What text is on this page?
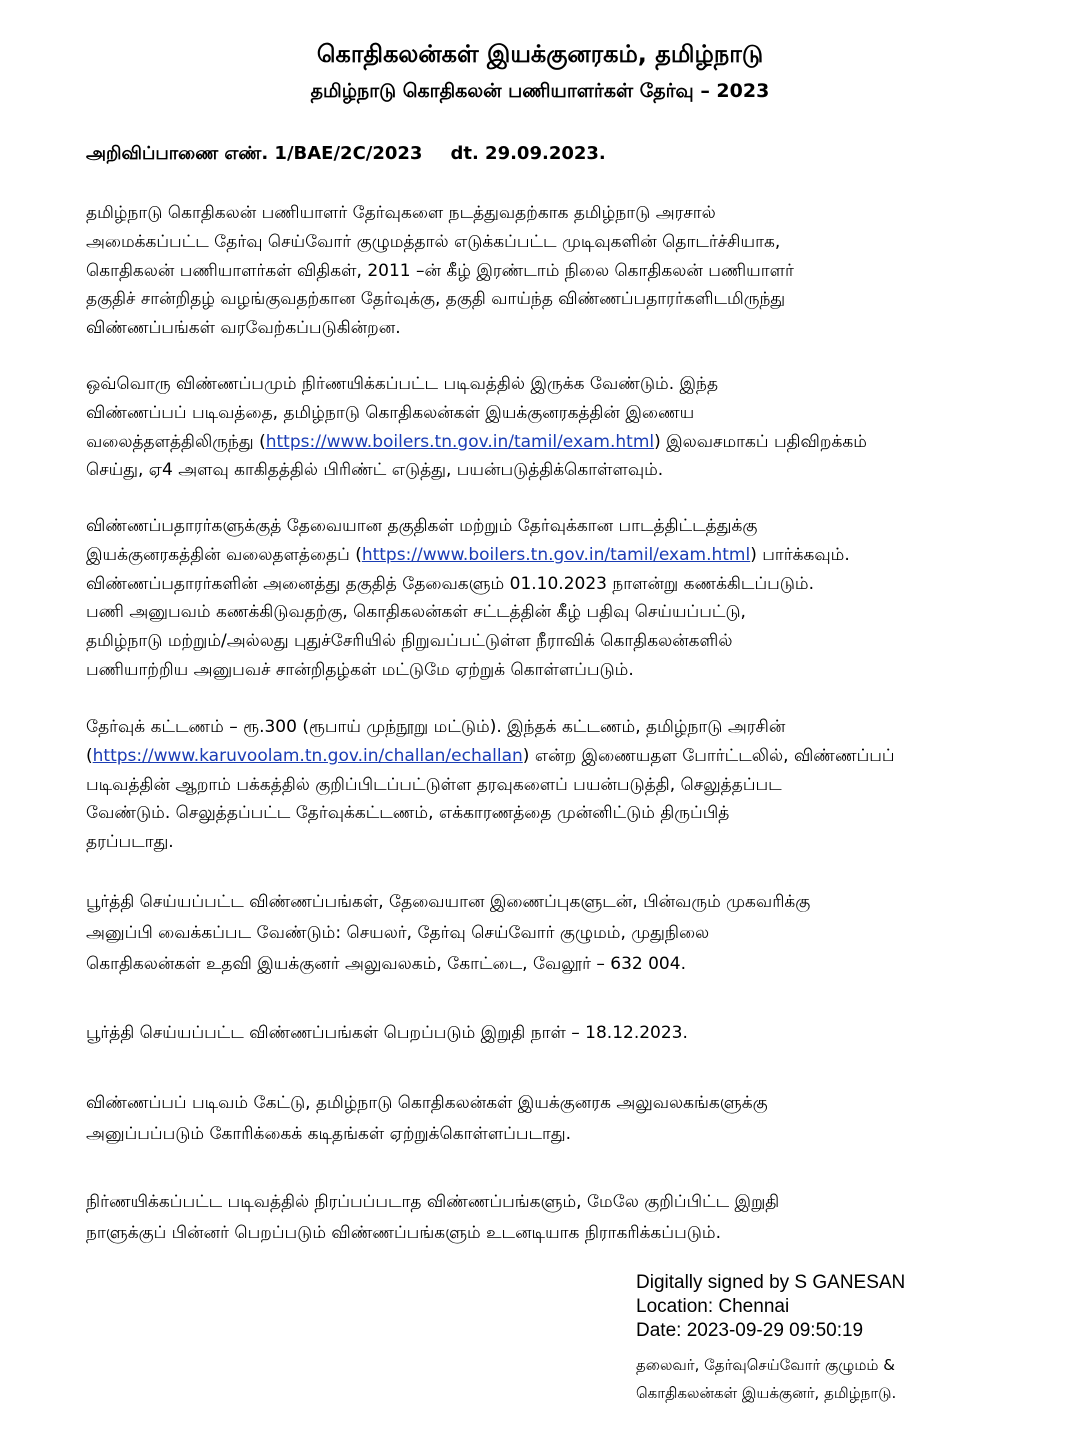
கொதிகலன்கள் இயக்குனரகம், தமிழ்நாடு
தமிழ்நாடு கொதிகலன் பணியாளர்கள் தேர்வு – 2023
அறிவிப்பாணை எண். 1/BAE/2C/2023 dt. 29.09.2023.
தமிழ்நாடு கொதிகலன் பணியாளர் தேர்வுகளை நடத்துவதற்காக தமிழ்நாடு அரசால்
அமைக்கப்பட்ட தேர்வு செய்வோர் குழுமத்தால் எடுக்கப்பட்ட முடிவுகளின் தொடர்ச்சியாக,
கொதிகலன் பணியாளர்கள் விதிகள், 2011 –ன் கீழ் இரண்டாம் நிலை கொதிகலன் பணியாளர்
தகுதிச் சான்றிதழ் வழங்குவதற்கான தேர்வுக்கு, தகுதி வாய்ந்த விண்ணப்பதாரர்களிடமிருந்து
விண்ணப்பங்கள் வரவேற்கப்படுகின்றன.
ஒவ்வொரு விண்ணப்பமும் நிர்ணயிக்கப்பட்ட படிவத்தில் இருக்க வேண்டும். இந்த
விண்ணப்பப் படிவத்தை, தமிழ்நாடு கொதிகலன்கள் இயக்குனரகத்தின் இணைய
வலைத்தளத்திலிருந்து (https://www.boilers.tn.gov.in/tamil/exam.html) இலவசமாகப் பதிவிறக்கம்
செய்து, ஏ4 அளவு காகிதத்தில் பிரிண்ட் எடுத்து, பயன்படுத்திக்கொள்ளவும்.
விண்ணப்பதாரர்களுக்குத் தேவையான தகுதிகள் மற்றும் தேர்வுக்கான பாடத்திட்டத்துக்கு
இயக்குனரகத்தின் வலைதளத்தைப் (https://www.boilers.tn.gov.in/tamil/exam.html) பார்க்கவும்.
விண்ணப்பதாரர்களின் அனைத்து தகுதித் தேவைகளும் 01.10.2023 நாளன்று கணக்கிடப்படும்.
பணி அனுபவம் கணக்கிடுவதற்கு, கொதிகலன்கள் சட்டத்தின் கீழ் பதிவு செய்யப்பட்டு,
தமிழ்நாடு மற்றும்/அல்லது புதுச்சேரியில் நிறுவப்பட்டுள்ள நீராவிக் கொதிகலன்களில்
பணியாற்றிய அனுபவச் சான்றிதழ்கள் மட்டுமே ஏற்றுக் கொள்ளப்படும்.
தேர்வுக் கட்டணம் – ரூ.300 (ரூபாய் முந்நூறு மட்டும்). இந்தக் கட்டணம், தமிழ்நாடு அரசின்
(https://www.karuvoolam.tn.gov.in/challan/echallan) என்ற இணையதள போர்ட்டலில், விண்ணப்பப்
படிவத்தின் ஆறாம் பக்கத்தில் குறிப்பிடப்பட்டுள்ள தரவுகளைப் பயன்படுத்தி, செலுத்தப்பட
வேண்டும். செலுத்தப்பட்ட தேர்வுக்கட்டணம், எக்காரணத்தை முன்னிட்டும் திருப்பித்
தரப்படாது.
பூர்த்தி செய்யப்பட்ட விண்ணப்பங்கள், தேவையான இணைப்புகளுடன், பின்வரும் முகவரிக்கு
அனுப்பி வைக்கப்பட வேண்டும்: செயலர், தேர்வு செய்வோர் குழுமம், முதுநிலை
கொதிகலன்கள் உதவி இயக்குனர் அலுவலகம், கோட்டை, வேலூர் – 632 004.
பூர்த்தி செய்யப்பட்ட விண்ணப்பங்கள் பெறப்படும் இறுதி நாள் – 18.12.2023.
விண்ணப்பப் படிவம் கேட்டு, தமிழ்நாடு கொதிகலன்கள் இயக்குனரக அலுவலகங்களுக்கு
அனுப்பப்படும் கோரிக்கைக் கடிதங்கள் ஏற்றுக்கொள்ளப்படாது.
நிர்ணயிக்கப்பட்ட படிவத்தில் நிரப்பப்படாத விண்ணப்பங்களும், மேலே குறிப்பிட்ட இறுதி
நாளுக்குப் பின்னர் பெறப்படும் விண்ணப்பங்களும் உடனடியாக நிராகரிக்கப்படும்.
Digitally signed by S GANESAN
Location: Chennai
Date: 2023-09-29 09:50:19
தலைவர், தேர்வுசெய்வோர் குழுமம் &
கொதிகலன்கள் இயக்குனர், தமிழ்நாடு.
